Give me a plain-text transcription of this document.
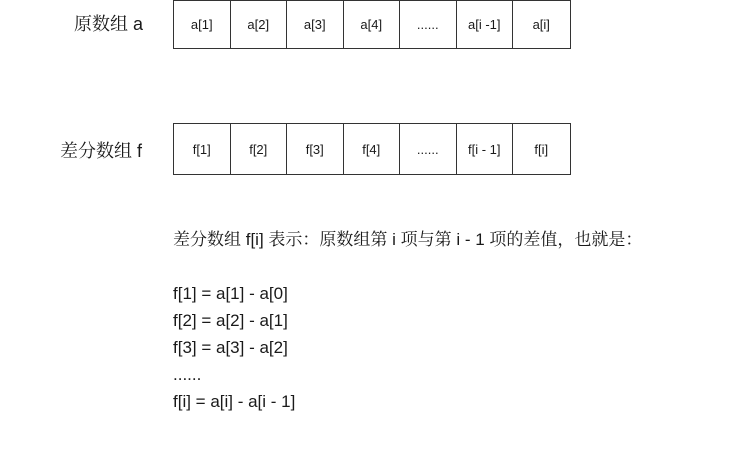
原数组 a	a[1]	a[2]	a[3]	a[4]	......	a[i -1]	a[i]
差分数组 f	f[1]	f[2]	f[3]	f[4]	......	f[i - 1]	f[i]
差分数组 f[i] 表示：原数组第 i 项与第 i - 1 项的差值，也就是：
f[1] = a[1] - a[0]
f[2] = a[2] - a[1]
f[3] = a[3] - a[2]
......
f[i] = a[i] - a[i - 1]
